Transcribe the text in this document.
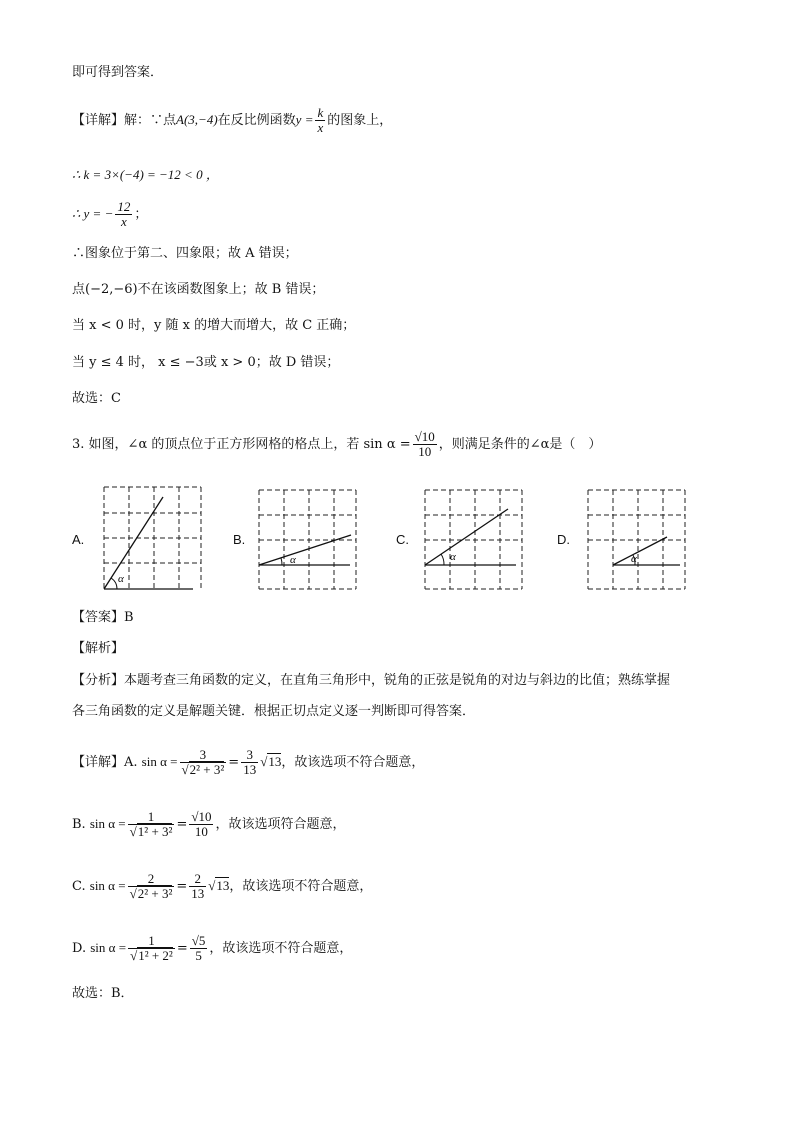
即可得到答案．
【详解】解：∵点A(3,−4)在反比例函数$y = \frac{k}{x}$ 的图象上，
∴ k = 3×(−4) = −12 < 0 ，
∴ y = − $\frac{12}{x}$ ；
∴图象位于第二、四象限；故 A 错误；
点(−2,−6)不在该函数图象上；故 B 错误；
当 x < 0 时，y 随 x 的增大而增大，故 C 正确；
当 y ≤ 4 时， x ≤ −3或 x > 0；故 D 错误；
故选：C
3. 如图，∠α 的顶点位于正方形网格的格点上，若 $\sin \alpha = \frac{√10}{10}$ ，则满足条件的∠α是（　）
A.	B.	C.	D.
α
α	α	α
【答案】B
【解析】
【分析】本题考查三角函数的定义，在直角三角形中，锐角的正弦是锐角的对边与斜边的比值；熟练掌握
各三角函数的定义是解题关键．根据正切点定义逐一判断即可得答案．
【详解】A. $\sin \alpha = \frac{3}{\text{√2² + 3²}} = \frac{3}{13} √13$，故该选项不符合题意，
B. $\sin \alpha = \frac{1}{\text{√1² + 3²}} = \frac{√10}{10}$ ，故该选项符合题意，
C. $\sin \alpha = \frac{2}{\text{√2² + 3²}} = \frac{2}{13} √13$，故该选项不符合题意，
D. $\sin \alpha = \frac{1}{\text{√1² + 2²}} = \frac{√5}{5}$ ，故该选项不符合题意，
故选：B．
